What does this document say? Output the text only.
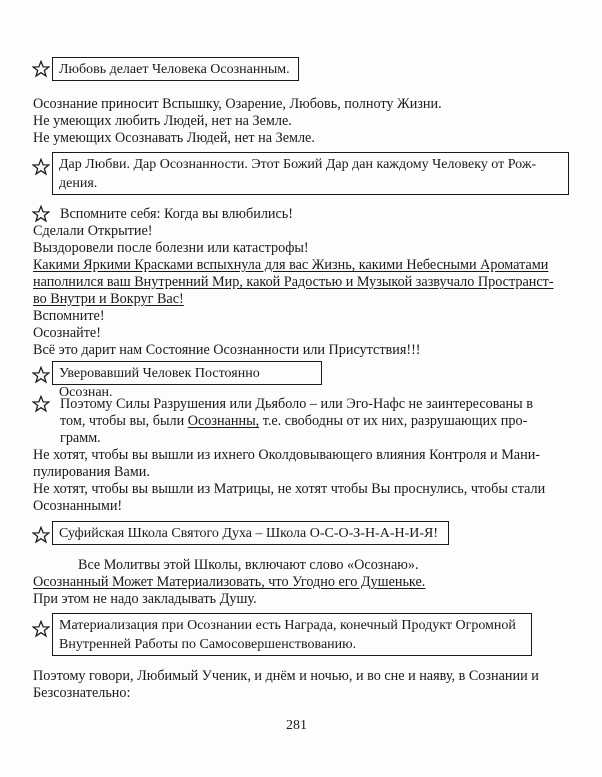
Любовь делает Человека Осознанным.
Осознание приносит Вспышку, Озарение, Любовь, полноту Жизни.
Не умеющих любить Людей, нет на Земле.
Не умеющих Осознавать Людей, нет на Земле.
Дар Любви. Дар Осознанности. Этот Божий Дар дан каждому Человеку от Рож-
дения.
Вспомните себя: Когда вы влюбились!
Сделали Открытие!
Выздоровели после болезни или катастрофы!
Какими Яркими Красками вспыхнула для вас Жизнь, какими Небесными Ароматами
наполнился ваш Внутренний Мир, какой Радостью и Музыкой зазвучало Пространст-
во Внутри и Вокруг Вас!
Вспомните!
Осознайте!
Всё это дарит нам Состояние Осознанности или Присутствия!!!
Уверовавший Человек Постоянно Осознан.
Поэтому Силы Разрушения или Дьяболо – или Эго-Нафс не заинтересованы в
том, чтобы вы, были Осознанны, т.е. свободны от их них, разрушающих про-
грамм.
Не хотят, чтобы вы вышли из ихнего Околдовывающего влияния Контроля и Мани-
пулирования Вами.
Не хотят, чтобы вы вышли из Матрицы, не хотят чтобы Вы проснулись, чтобы стали
Осознанными!
Суфийская Школа Святого Духа – Школа О-С-О-З-Н-А-Н-И-Я!
Все Молитвы этой Школы, включают слово «Осознаю».
Осознанный Может Материализовать, что Угодно его Душеньке.
При этом не надо закладывать Душу.
Материализация при Осознании есть Награда, конечный Продукт Огромной
Внутренней Работы по Самосовершенствованию.
Поэтому говори, Любимый Ученик, и днём и ночью, и во сне и наяву, в Сознании и
Безсознательно:
281
